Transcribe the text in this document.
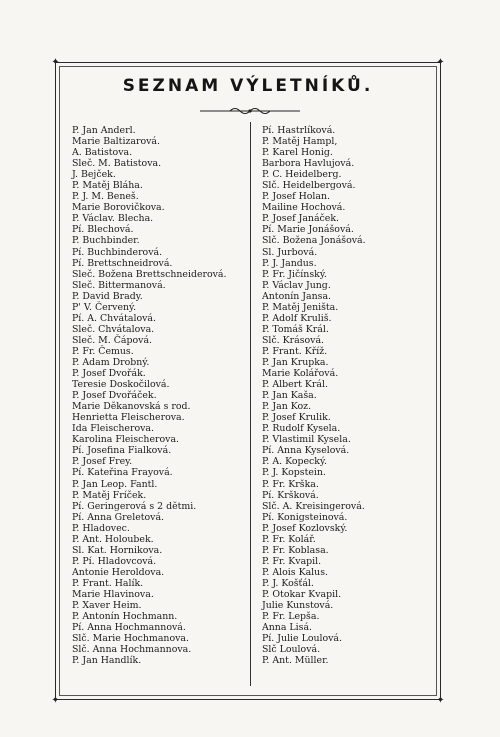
✦	✦
✦	✦
SEZNAM VÝLETNÍKŮ.
P. Jan Anderl.
Marie Baltizarová.
A. Batistova.
Sleč. M. Batistova.
J. Bejček.
P. Matěj Bláha.
P. J. M. Beneš.
Marie Borovičkova.
P. Václav. Blecha.
Pí. Blechová.
P. Buchbinder.
Pí. Buchbinderová.
Pí. Brettschneidrová.
Sleč. Božena Brettschneiderová.
Sleč. Bittermanová.
P. David Brady.
P' V. Červený.
Pí. A. Chvátalová.
Sleč. Chvátalova.
Sleč. M. Čápová.
P. Fr. Čemus.
P. Adam Drobný.
P. Josef Dvořák.
Teresie Doskočilová.
P. Josef Dvořáček.
Marie Dĕkanovská s rod.
Henrietta Fleischerova.
Ida Fleischerova.
Karolina Fleischerova.
Pí. Josefina Fialková.
P. Josef Frey.
Pí. Kateřina Frayová.
P. Jan Leop. Fantl.
P. Matěj Fríček.
Pí. Geringerová s 2 dĕtmi.
Pí. Anna Greletová.
P. Hladovec.
P. Ant. Holoubek.
Sl. Kat. Hornikova.
P. Pí. Hladovcová.
Antonie Heroldova.
P. Frant. Halík.
Marie Hlavinova.
P. Xaver Heim.
P. Antonín Hochmann.
Pí. Anna Hochmannová.
Slč. Marie Hochmanova.
Slč. Anna Hochmannova.
P. Jan Handlík.
Pí. Hastrlíková.
P. Matěj Hampl,
P. Karel Honig.
Barbora Havlujová.
P. C. Heidelberg.
Slč. Heidelbergová.
P. Josef Holan.
Mailine Hochová.
P. Josef Janáček.
Pí. Marie Jonášová.
Slč. Božena Jonášová.
Sl. Jurbová.
P. J. Jandus.
P. Fr. Jičínský.
P. Václav Jung.
Antonín Jansa.
P. Matěj Jeništa.
P. Adolf Kruliš.
P. Tomáš Král.
Slč. Krásová.
P. Frant. Kříž.
P. Jan Krupka.
Marie Kolářová.
P. Albert Král.
P. Jan Kaša.
P. Jan Koz.
P. Josef Krulik.
P. Rudolf Kysela.
P. Vlastimil Kysela.
Pí. Anna Kyselová.
P. A. Kopecký.
P. J. Kopstein.
P. Fr. Krška.
Pí. Kršková.
Slč. A. Kreisingerová.
Pí. Konigsteinová.
P. Josef Kozlovský.
P. Fr. Kolář.
P. Fr. Koblasa.
P. Fr. Kvapil.
P. Alois Kalus.
P. J. Košťál.
P. Otokar Kvapil.
Julie Kunstová.
P. Fr. Lepša.
Anna Lisá.
Pí. Julie Loulová.
Slč Loulová.
P. Ant. Müller.
